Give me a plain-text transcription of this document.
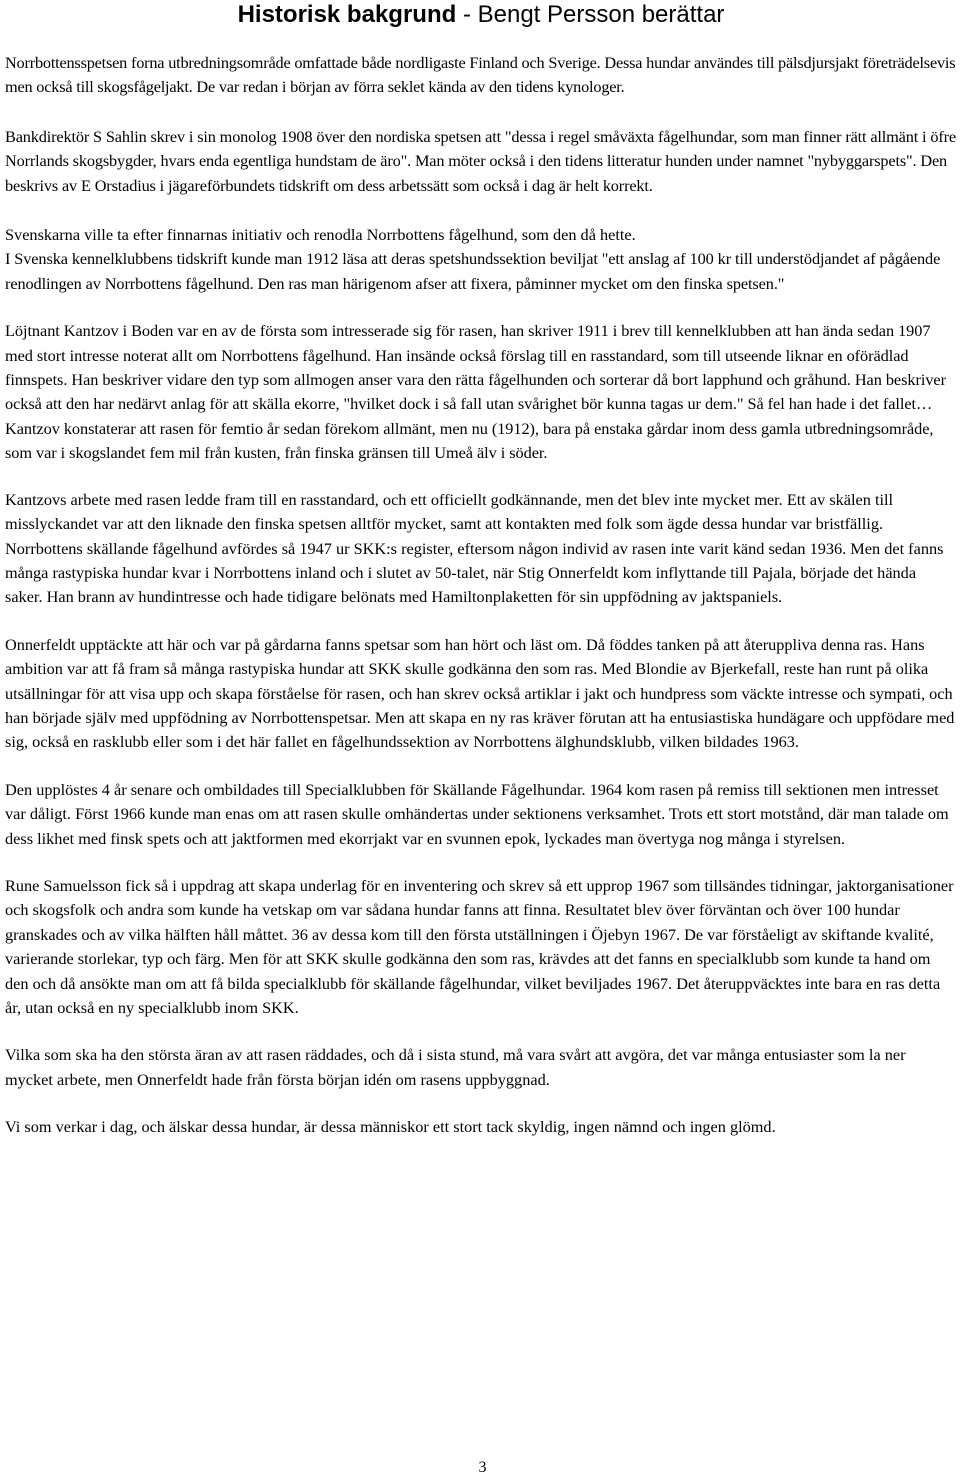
Historisk bakgrund - Bengt Persson berättar

Norrbottensspetsen forna utbredningsområde omfattade både nordligaste Finland och Sverige. Dessa hundar användes till pälsdjursjakt företrädelsevis men också till skogsfågeljakt. De var redan i början av förra seklet kända av den tidens kynologer.

Bankdirektör S Sahlin skrev i sin monolog 1908 över den nordiska spetsen att "dessa i regel småväxta fågelhundar, som man finner rätt allmänt i öfre Norrlands skogsbygder, hvars enda egentliga hundstam de äro". Man möter också i den tidens litteratur hunden under namnet "nybyggarspets". Den beskrivs av E Orstadius i jägareförbundets tidskrift om dess arbetssätt som också i dag är helt korrekt.

Svenskarna ville ta efter finnarnas initiativ och renodla Norrbottens fågelhund, som den då hette.

I Svenska kennelklubbens tidskrift kunde man 1912 läsa att deras spetshundssektion beviljat "ett anslag af 100 kr till understödjandet af pågående renodlingen av Norrbottens fågelhund. Den ras man härigenom afser att fixera, påminner mycket om den finska spetsen."

Löjtnant Kantzov i Boden var en av de första som intresserade sig för rasen, han skriver 1911 i brev till kennelklubben att han ända sedan 1907 med stort intresse noterat allt om Norrbottens fågelhund. Han insände också förslag till en rasstandard, som till utseende liknar en oförädlad finnspets. Han beskriver vidare den typ som allmogen anser vara den rätta fågelhunden och sorterar då bort lapphund och gråhund. Han beskriver också att den har nedärvt anlag för att skälla ekorre, "hvilket dock i så fall utan svårighet bör kunna tagas ur dem." Så fel han hade i det fallet… Kantzov konstaterar att rasen för femtio år sedan förekom allmänt, men nu (1912), bara på enstaka gårdar inom dess gamla utbredningsområde, som var i skogslandet fem mil från kusten, från finska gränsen till Umeå älv i söder.

Kantzovs arbete med rasen ledde fram till en rasstandard, och ett officiellt godkännande, men det blev inte mycket mer. Ett av skälen till misslyckandet var att den liknade den finska spetsen alltför mycket, samt att kontakten med folk som ägde dessa hundar var bristfällig. Norrbottens skällande fågelhund avfördes så 1947 ur SKK:s register, eftersom någon individ av rasen inte varit känd sedan 1936. Men det fanns många rastypiska hundar kvar i Norrbottens inland och i slutet av 50-talet, när Stig Onnerfeldt kom inflyttande till Pajala, började det hända saker. Han brann av hundintresse och hade tidigare belönats med Hamiltonplaketten för sin uppfödning av jaktspaniels.

Onnerfeldt upptäckte att här och var på gårdarna fanns spetsar som han hört och läst om. Då föddes tanken på att återuppliva denna ras. Hans ambition var att få fram så många rastypiska hundar att SKK skulle godkänna den som ras. Med Blondie av Bjerkefall, reste han runt på olika utsällningar för att visa upp och skapa förståelse för rasen, och han skrev också artiklar i jakt och hundpress som väckte intresse och sympati, och han började själv med uppfödning av Norrbottenspetsar. Men att skapa en ny ras kräver förutan att ha entusiastiska hundägare och uppfödare med sig, också en rasklubb eller som i det här fallet en fågelhundssektion av Norrbottens älghundsklubb, vilken bildades 1963.

Den upplöstes 4 år senare och ombildades till Specialklubben för Skällande Fågelhundar. 1964 kom rasen på remiss till sektionen men intresset var dåligt. Först 1966 kunde man enas om att rasen skulle omhändertas under sektionens verksamhet. Trots ett stort motstånd, där man talade om dess likhet med finsk spets och att jaktformen med ekorrjakt var en svunnen epok, lyckades man övertyga nog många i styrelsen.

Rune Samuelsson fick så i uppdrag att skapa underlag för en inventering och skrev så ett upprop 1967 som tillsändes tidningar, jaktorganisationer och skogsfolk och andra som kunde ha vetskap om var sådana hundar fanns att finna. Resultatet blev över förväntan och över 100 hundar granskades och av vilka hälften håll måttet. 36 av dessa kom till den första utställningen i Öjebyn 1967. De var förståeligt av skiftande kvalité, varierande storlekar, typ och färg. Men för att SKK skulle godkänna den som ras, krävdes att det fanns en specialklubb som kunde ta hand om den och då ansökte man om att få bilda specialklubb för skällande fågelhundar, vilket beviljades 1967. Det återuppväcktes inte bara en ras detta år, utan också en ny specialklubb inom SKK.

Vilka som ska ha den största äran av att rasen räddades, och då i sista stund, må vara svårt att avgöra, det var många entusiaster som la ner mycket arbete, men Onnerfeldt hade från första början idén om rasens uppbyggnad.

Vi som verkar i dag, och älskar dessa hundar, är dessa människor ett stort tack skyldig, ingen nämnd och ingen glömd.

3
